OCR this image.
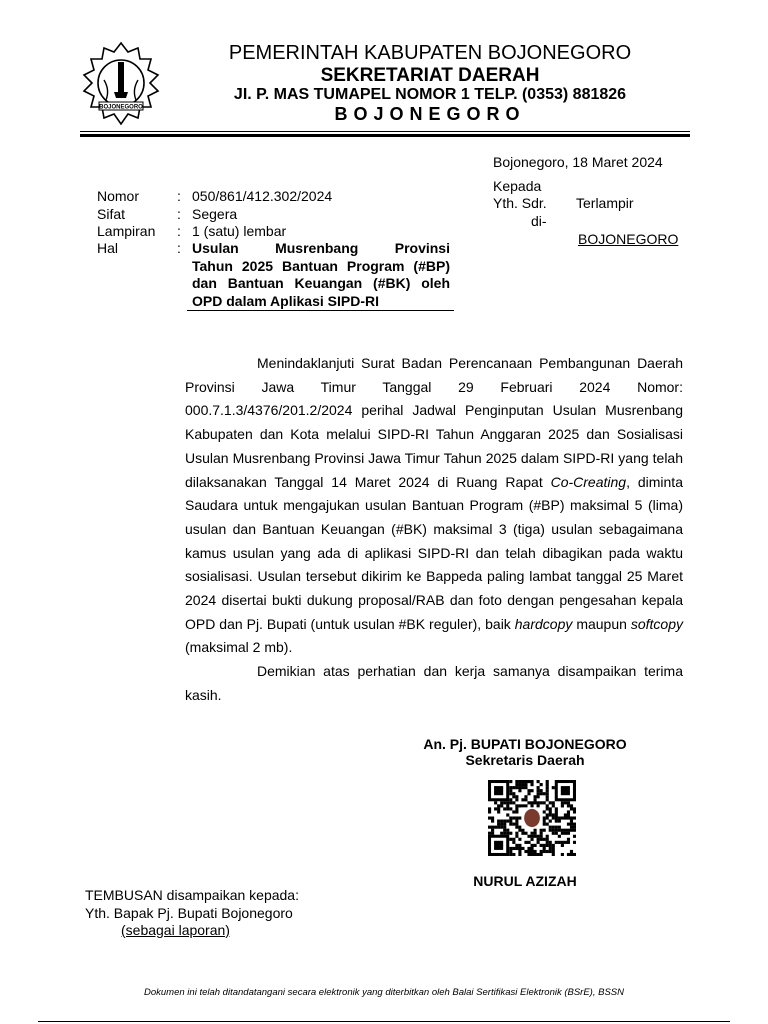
BOJONEGORO
PEMERINTAH KABUPATEN BOJONEGORO
SEKRETARIAT DAERAH
JI. P. MAS TUMAPEL NOMOR 1 TELP. (0353) 881826
BOJONEGORO
Bojonegoro, 18 Maret 2024
Kepada
Yth. Sdr. Terlampir
di-
BOJONEGORO
Nomor	: 050/861/412.302/2024
Sifat	: Segera
Lampiran : 1 (satu) lembar
Hal	: Usulan Musrenbang Provinsi
Tahun 2025 Bantuan Program (#BP)
dan Bantuan Keuangan (#BK) oleh
OPD dalam Aplikasi SIPD-RI

Menindaklanjuti Surat Badan Perencanaan Pembangunan Daerah Provinsi Jawa Timur Tanggal 29 Februari 2024 Nomor: 000.7.1.3/4376/201.2/2024 perihal Jadwal Penginputan Usulan Musrenbang Kabupaten dan Kota melalui SIPD-RI Tahun Anggaran 2025 dan Sosialisasi Usulan Musrenbang Provinsi Jawa Timur Tahun 2025 dalam SIPD-RI yang telah dilaksanakan Tanggal 14 Maret 2024 di Ruang Rapat Co-Creating, diminta Saudara untuk mengajukan usulan Bantuan Program (#BP) maksimal 5 (lima) usulan dan Bantuan Keuangan (#BK) maksimal 3 (tiga) usulan sebagaimana kamus usulan yang ada di aplikasi SIPD-RI dan telah dibagikan pada waktu sosialisasi. Usulan tersebut dikirim ke Bappeda paling lambat tanggal 25 Maret 2024 disertai bukti dukung proposal/RAB dan foto dengan pengesahan kepala OPD dan Pj. Bupati (untuk usulan #BK reguler), baik hardcopy maupun softcopy (maksimal 2 mb).

Demikian atas perhatian dan kerja samanya disampaikan terima kasih.

An. Pj. BUPATI BOJONEGORO
Sekretaris Daerah
NURUL AZIZAH
TEMBUSAN disampaikan kepada:
Yth. Bapak Pj. Bupati Bojonegoro
(sebagai laporan)
Dokumen ini telah ditandatangani secara elektronik yang diterbitkan oleh Balai Sertifikasi Elektronik (BSrE), BSSN
